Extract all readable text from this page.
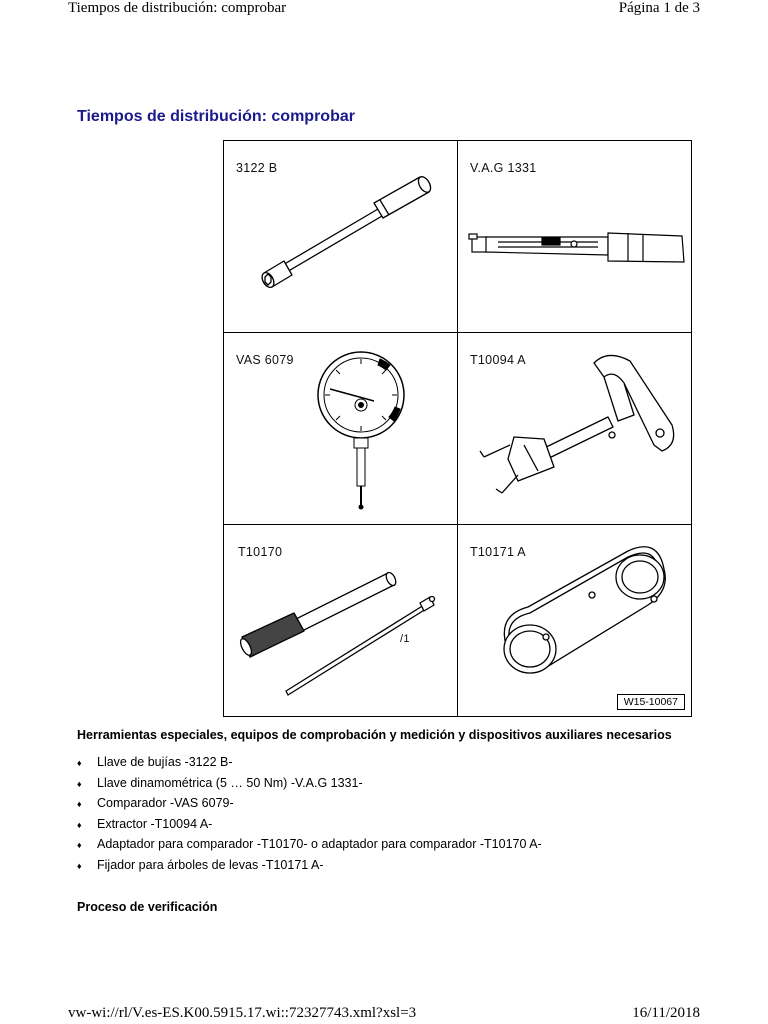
Tiempos de distribución: comprobar	Página 1 de 3
Tiempos de distribución: comprobar
3122 B	V.A.G 1331
VAS 6079	T10094 A
T10170
/1
T10171 A
W15-10067
Herramientas especiales, equipos de comprobación y medición y dispositivos auxiliares necesarios
♦ Llave de bujías -3122 B-
♦ Llave dinamométrica (5 … 50 Nm) -V.A.G 1331-
♦ Comparador -VAS 6079-
♦ Extractor -T10094 A-
♦ Adaptador para comparador -T10170- o adaptador para comparador -T10170 A-
♦ Fijador para árboles de levas -T10171 A-
Proceso de verificación
vw-wi://rl/V.es-ES.K00.5915.17.wi::72327743.xml?xsl=3	16/11/2018
